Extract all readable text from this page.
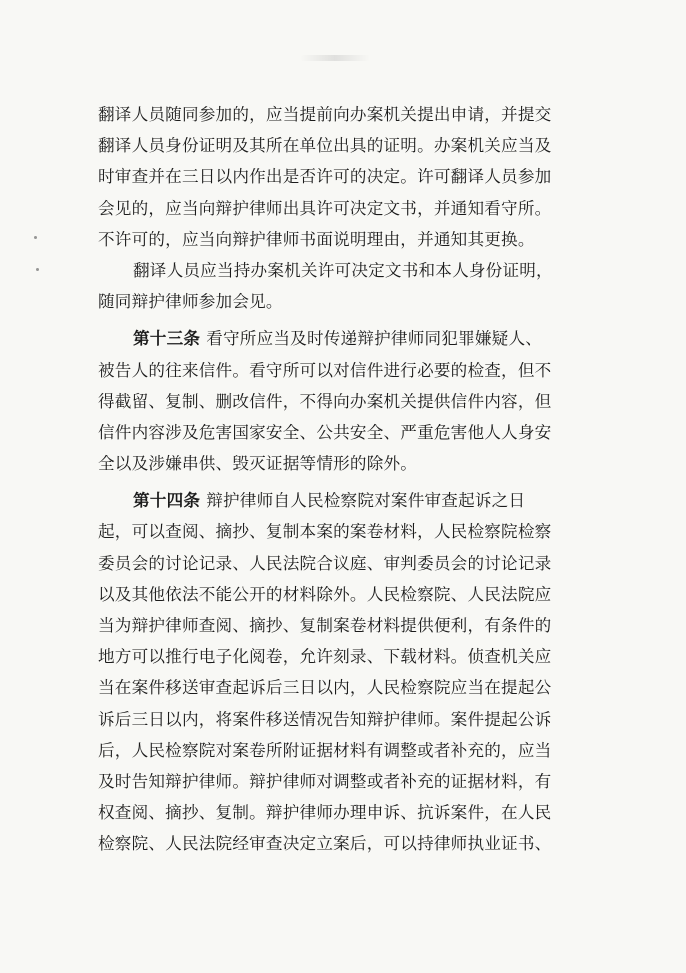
翻译人员随同参加的，应当提前向办案机关提出申请，并提交
翻译人员身份证明及其所在单位出具的证明。办案机关应当及
时审查并在三日以内作出是否许可的决定。许可翻译人员参加
会见的，应当向辩护律师出具许可决定文书，并通知看守所。
不许可的，应当向辩护律师书面说明理由，并通知其更换。
翻译人员应当持办案机关许可决定文书和本人身份证明，
随同辩护律师参加会见。
第十三条 看守所应当及时传递辩护律师同犯罪嫌疑人、
被告人的往来信件。看守所可以对信件进行必要的检查，但不
得截留、复制、删改信件，不得向办案机关提供信件内容，但
信件内容涉及危害国家安全、公共安全、严重危害他人人身安
全以及涉嫌串供、毁灭证据等情形的除外。
第十四条 辩护律师自人民检察院对案件审查起诉之日
起，可以查阅、摘抄、复制本案的案卷材料，人民检察院检察
委员会的讨论记录、人民法院合议庭、审判委员会的讨论记录
以及其他依法不能公开的材料除外。人民检察院、人民法院应
当为辩护律师查阅、摘抄、复制案卷材料提供便利，有条件的
地方可以推行电子化阅卷，允许刻录、下载材料。侦查机关应
当在案件移送审查起诉后三日以内，人民检察院应当在提起公
诉后三日以内，将案件移送情况告知辩护律师。案件提起公诉
后，人民检察院对案卷所附证据材料有调整或者补充的，应当
及时告知辩护律师。辩护律师对调整或者补充的证据材料，有
权查阅、摘抄、复制。辩护律师办理申诉、抗诉案件，在人民
检察院、人民法院经审查决定立案后，可以持律师执业证书、
